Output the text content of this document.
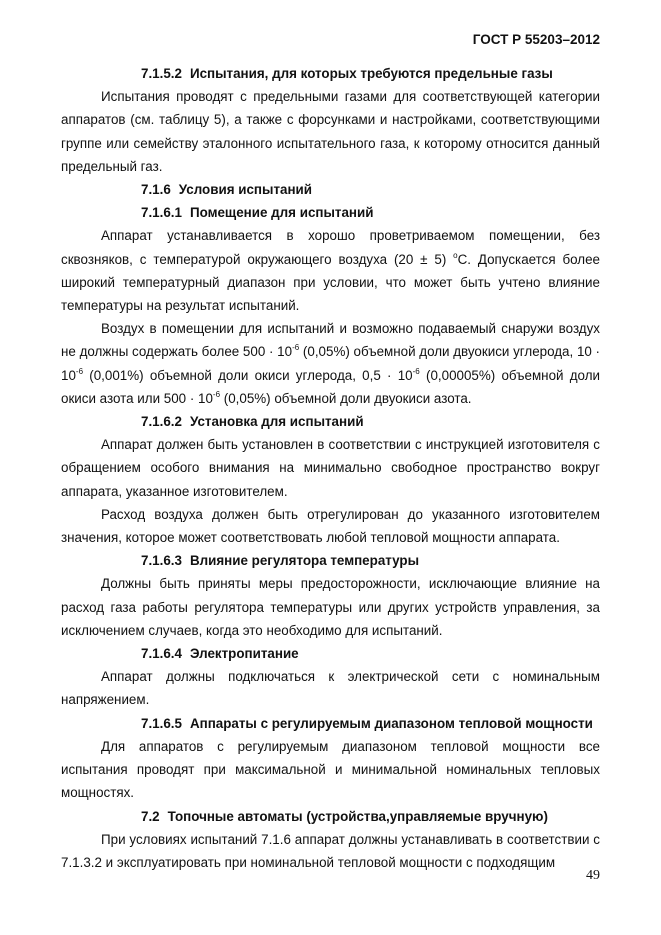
ГОСТ Р 55203–2012

7.1.5.2 Испытания, для которых требуются предельные газы

Испытания проводят с предельными газами для соответствующей категории аппаратов (см. таблицу 5), а также с форсунками и настройками, соответствующими группе или семейству эталонного испытательного газа, к которому относится данный предельный газ.

7.1.6 Условия испытаний

7.1.6.1 Помещение для испытаний

Аппарат устанавливается в хорошо проветриваемом помещении, без сквозняков, с температурой окружающего воздуха (20 ± 5) $^о$С. Допускается более широкий температурный диапазон при условии, что может быть учтено влияние температуры на результат испытаний.

Воздух в помещении для испытаний и возможно подаваемый снаружи воздух не должны содержать более $500 \cdot 10^{-6}$ (0,05%) объемной доли двуокиси углерода, $10 \cdot 10^{-6}$ (0,001%) объемной доли окиси углерода, $0,5 \cdot 10^{-6}$ (0,00005%) объемной доли окиси азота или $500 \cdot 10^{-6}$ (0,05%) объемной доли двуокиси азота.

7.1.6.2 Установка для испытаний

Аппарат должен быть установлен в соответствии с инструкцией изготовителя с обращением особого внимания на минимально свободное пространство вокруг аппарата, указанное изготовителем.

Расход воздуха должен быть отрегулирован до указанного изготовителем значения, которое может соответствовать любой тепловой мощности аппарата.

7.1.6.3 Влияние регулятора температуры

Должны быть приняты меры предосторожности, исключающие влияние на расход газа работы регулятора температуры или других устройств управления, за исключением случаев, когда это необходимо для испытаний.

7.1.6.4 Электропитание

Аппарат должны подключаться к электрической сети с номинальным напряжением.

7.1.6.5 Аппараты с регулируемым диапазоном тепловой мощности

Для аппаратов с регулируемым диапазоном тепловой мощности все испытания проводят при максимальной и минимальной номинальных тепловых мощностях.

7.2 Топочные автоматы (устройства,управляемые вручную)

При условиях испытаний 7.1.6 аппарат должны устанавливать в соответствии с 7.1.3.2 и эксплуатировать при номинальной тепловой мощности с подходящим

49
